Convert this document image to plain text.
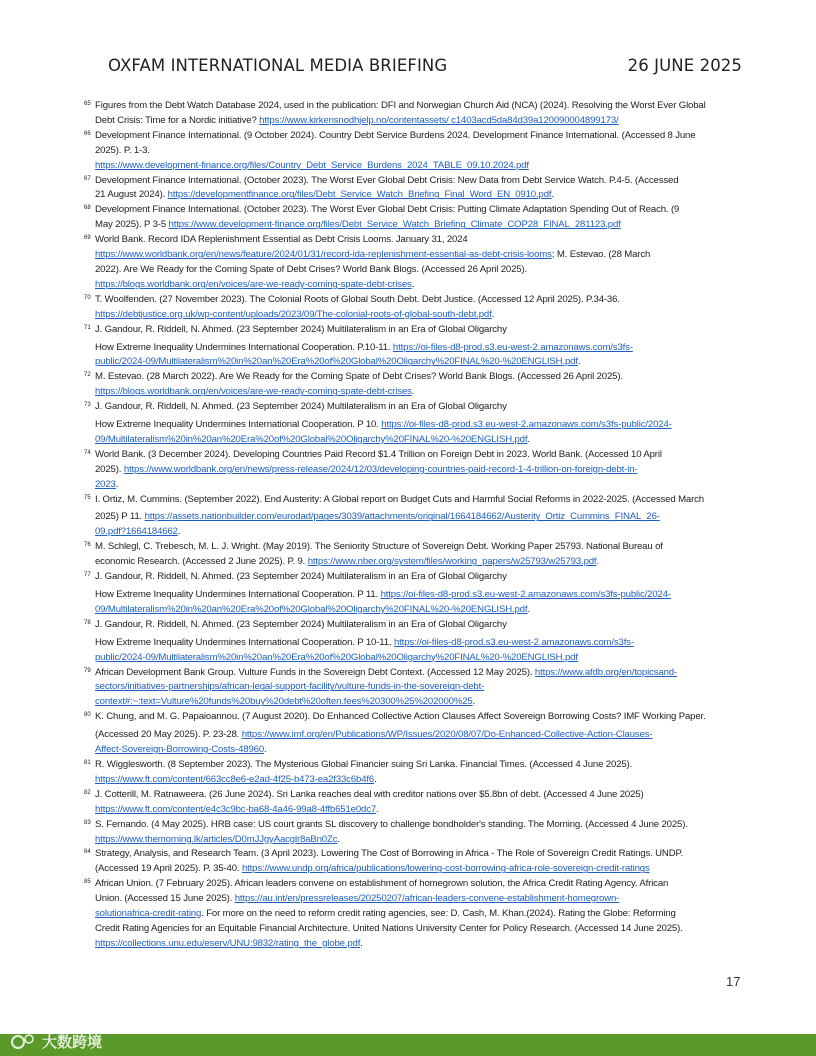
OXFAM INTERNATIONAL MEDIA BRIEFING	26 JUNE 2025
65 Figures from the Debt Watch Database 2024, used in the publication: DFI and Norwegian Church Aid (NCA) (2024). Resolving the Worst Ever Global
Debt Crisis: Time for a Nordic initiative? https://www.kirkensnodhjelp.no/contentassets/ c1403acd5da84d39a120090004899173/
66 Development Finance International. (9 October 2024). Country Debt Service Burdens 2024. Development Finance International. (Accessed 8 June
2025). P. 1-3.
https://www.development-finance.org/files/Country_Debt_Service_Burdens_2024_TABLE_09.10.2024.pdf
67 Development Finance International. (October 2023). The Worst Ever Global Debt Crisis: New Data from Debt Service Watch. P.4-5. (Accessed
21 August 2024). https://developmentfinance.org/files/Debt_Service_Watch_Briefing_Final_Word_EN_0910.pdf.
68 Development Finance International. (October 2023). The Worst Ever Global Debt Crisis: Putting Climate Adaptation Spending Out of Reach. (9
May 2025). P 3-5 https://www.development-finance.org/files/Debt_Service_Watch_Briefing_Climate_COP28_FINAL_281123.pdf
69 World Bank. Record IDA Replenishment Essential as Debt Crisis Looms. January 31, 2024
https://www.worldbank.org/en/news/feature/2024/01/31/record-ida-replenishment-essential-as-debt-crisis-looms; M. Estevao. (28 March
2022). Are We Ready for the Coming Spate of Debt Crises? World Bank Blogs. (Accessed 26 April 2025).
https://blogs.worldbank.org/en/voices/are-we-ready-coming-spate-debt-crises.
70 T. Woolfenden. (27 November 2023). The Colonial Roots of Global South Debt. Debt Justice. (Accessed 12 April 2025). P.34-36.
https://debtjustice.org.uk/wp-content/uploads/2023/09/The-colonial-roots-of-global-south-debt.pdf.
71 J. Gandour, R. Riddell, N. Ahmed. (23 September 2024) Multilateralism in an Era of Global Oligarchy
How Extreme Inequality Undermines International Cooperation. P.10-11. https://oi-files-d8-prod.s3.eu-west-2.amazonaws.com/s3fs-
public/2024-09/Multilateralism%20in%20an%20Era%20of%20Global%20Oligarchy%20FINAL%20-%20ENGLISH.pdf.
72 M. Estevao. (28 March 2022). Are We Ready for the Coming Spate of Debt Crises? World Bank Blogs. (Accessed 26 April 2025).
https://blogs.worldbank.org/en/voices/are-we-ready-coming-spate-debt-crises.
73 J. Gandour, R. Riddell, N. Ahmed. (23 September 2024) Multilateralism in an Era of Global Oligarchy
How Extreme Inequality Undermines International Cooperation. P 10. https://oi-files-d8-prod.s3.eu-west-2.amazonaws.com/s3fs-public/2024-
09/Multilateralism%20in%20an%20Era%20of%20Global%20Oligarchy%20FINAL%20-%20ENGLISH.pdf.
74 World Bank. (3 December 2024). Developing Countries Paid Record $1.4 Trillion on Foreign Debt in 2023. World Bank. (Accessed 10 April
2025). https://www.worldbank.org/en/news/press-release/2024/12/03/developing-countries-paid-record-1-4-trillion-on-foreign-debt-in-
2023.
75 I. Ortiz, M. Cummins. (September 2022). End Austerity: A Global report on Budget Cuts and Harmful Social Reforms in 2022-2025. (Accessed March
2025) P 11. https://assets.nationbuilder.com/eurodad/pages/3039/attachments/original/1664184662/Austerity_Ortiz_Cummins_FINAL_26-
09.pdf?1664184662.
76 M. Schlegl, C. Trebesch, M. L. J. Wright. (May 2019). The Seniority Structure of Sovereign Debt. Working Paper 25793. National Bureau of
economic Research. (Accessed 2 June 2025). P. 9. https://www.nber.org/system/files/working_papers/w25793/w25793.pdf.
77 J. Gandour, R. Riddell, N. Ahmed. (23 September 2024) Multilateralism in an Era of Global Oligarchy
How Extreme Inequality Undermines International Cooperation. P 11. https://oi-files-d8-prod.s3.eu-west-2.amazonaws.com/s3fs-public/2024-
09/Multilateralism%20in%20an%20Era%20of%20Global%20Oligarchy%20FINAL%20-%20ENGLISH.pdf.
78 J. Gandour, R. Riddell, N. Ahmed. (23 September 2024) Multilateralism in an Era of Global Oligarchy
How Extreme Inequality Undermines International Cooperation. P 10-11. https://oi-files-d8-prod.s3.eu-west-2.amazonaws.com/s3fs-
public/2024-09/Multilateralism%20in%20an%20Era%20of%20Global%20Oligarchy%20FINAL%20-%20ENGLISH.pdf
79 African Development Bank Group. Vulture Funds in the Sovereign Debt Context. (Accessed 12 May 2025). https://www.afdb.org/en/topicsand-
sectors/initiatives-partnerships/african-legal-support-facility/vulture-funds-in-the-sovereign-debt-
context#:~:text=Vulture%20funds%20buy%20debt%20often.fees%20300%25%202000%25.
80 K. Chung, and M. G. Papaioannou. (7 August 2020). Do Enhanced Collective Action Clauses Affect Sovereign Borrowing Costs? IMF Working Paper.
(Accessed 20 May 2025). P. 23-28. https://www.imf.org/en/Publications/WP/Issues/2020/08/07/Do-Enhanced-Collective-Action-Clauses-
Affect-Sovereign-Borrowing-Costs-48960.
81 R. Wigglesworth. (8 September 2023). The Mysterious Global Financier suing Sri Lanka. Financial Times. (Accessed 4 June 2025).
https://www.ft.com/content/663cc8e6-e2ad-4f25-b473-ea2f33c6b4f6.
82 J. Cotterill, M. Ratnaweera. (26 June 2024). Sri Lanka reaches deal with creditor nations over $5.8bn of debt. (Accessed 4 June 2025)
https://www.ft.com/content/e4c3c9bc-ba68-4a46-99a8-4ffb651e0dc7.
83 S. Fernando. (4 May 2025). HRB case: US court grants SL discovery to challenge bondholder's standing. The Morning. (Accessed 4 June 2025).
https://www.themorning.lk/articles/D0mJJgyAacglr8aBn0Zc.
84 Strategy, Analysis, and Research Team. (3 April 2023). Lowering The Cost of Borrowing in Africa - The Role of Sovereign Credit Ratings. UNDP.
(Accessed 19 April 2025). P. 35-40. https://www.undp.org/africa/publications/lowering-cost-borrowing-africa-role-sovereign-credit-ratings
85 African Union. (7 February 2025). African leaders convene on establishment of homegrown solution, the Africa Credit Rating Agency. African
Union. (Accessed 15 June 2025). https://au.int/en/pressreleases/20250207/african-leaders-convene-establishment-homegrown-
solutionafrica-credit-rating. For more on the need to reform credit rating agencies, see: D. Cash, M. Khan.(2024). Rating the Globe: Reforming
Credit Rating Agencies for an Equitable Financial Architecture. United Nations University Center for Policy Research. (Accessed 14 June 2025).
https://collections.unu.edu/eserv/UNU:9832/rating_the_globe.pdf.
17
大数跨境
